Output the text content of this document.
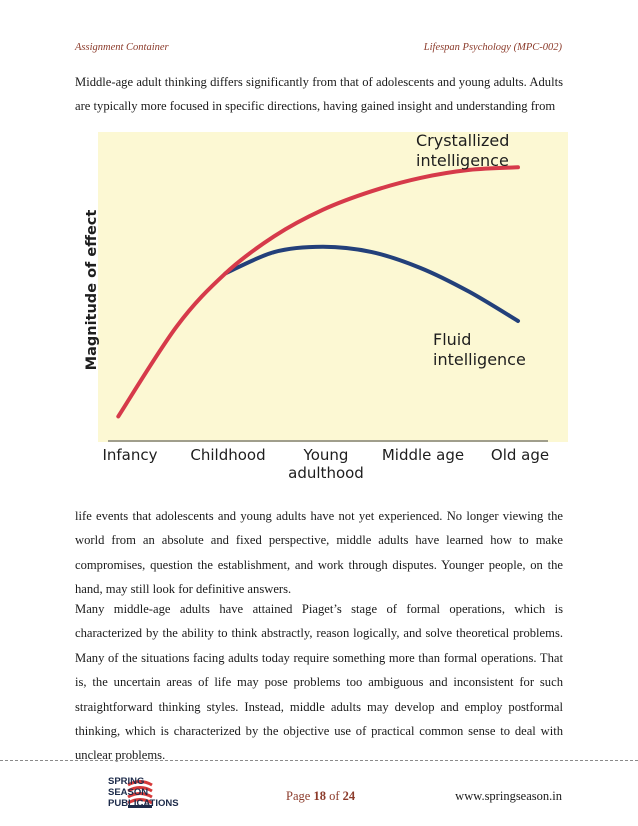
Assignment Container	Lifespan Psychology (MPC-002)

Middle-age adult thinking differs significantly from that of adolescents and young adults. Adults are typically more focused in specific directions, having gained insight and understanding from

Magnitude of effect
Crystallized
intelligence
Fluid
intelligence
Infancy Childhood	Young
adulthood
Middle age Old age

life events that adolescents and young adults have not yet experienced. No longer viewing the world from an absolute and fixed perspective, middle adults have learned how to make compromises, question the establishment, and work through disputes. Younger people, on the hand, may still look for definitive answers.

Many middle-age adults have attained Piaget’s stage of formal operations, which is characterized by the ability to think abstractly, reason logically, and solve theoretical problems. Many of the situations facing adults today require something more than formal operations. That is, the uncertain areas of life may pose problems too ambiguous and inconsistent for such straightforward thinking styles. Instead, middle adults may develop and employ postformal thinking, which is characterized by the objective use of practical common sense to deal with unclear problems.

SPRING
SEASON
PUBLICATIONS
Page 18 of 24	www.springseason.in
